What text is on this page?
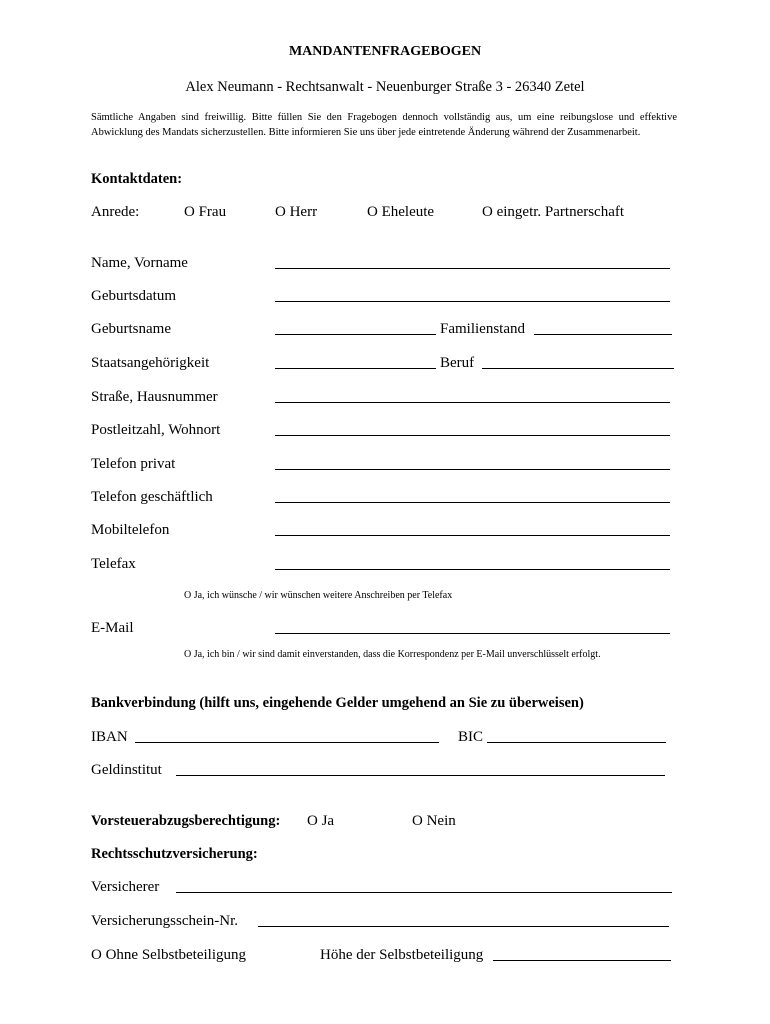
MANDANTENFRAGEBOGEN
Alex Neumann - Rechtsanwalt - Neuenburger Straße 3 - 26340 Zetel
Sämtliche Angaben sind freiwillig. Bitte füllen Sie den Fragebogen dennoch vollständig aus, um eine reibungslose und effektive Abwicklung des Mandats sicherzustellen. Bitte informieren Sie uns über jede eintretende Änderung während der Zusammenarbeit.
Kontaktdaten:
Anrede:	O Frau	O Herr	O Eheleute	O eingetr. Partnerschaft
Name, Vorname
Geburtsdatum
Geburtsname	Familienstand
Staatsangehörigkeit	Beruf
Straße, Hausnummer
Postleitzahl, Wohnort
Telefon privat
Telefon geschäftlich
Mobiltelefon
Telefax
O Ja, ich wünsche / wir wünschen weitere Anschreiben per Telefax
E-Mail
O Ja, ich bin / wir sind damit einverstanden, dass die Korrespondenz per E-Mail unverschlüsselt erfolgt.
Bankverbindung (hilft uns, eingehende Gelder umgehend an Sie zu überweisen)
IBAN	BIC
Geldinstitut
Vorsteuerabzugsberechtigung: O Ja	O Nein
Rechtsschutzversicherung:
Versicherer
Versicherungsschein-Nr.
O Ohne Selbstbeteiligung	Höhe der Selbstbeteiligung
